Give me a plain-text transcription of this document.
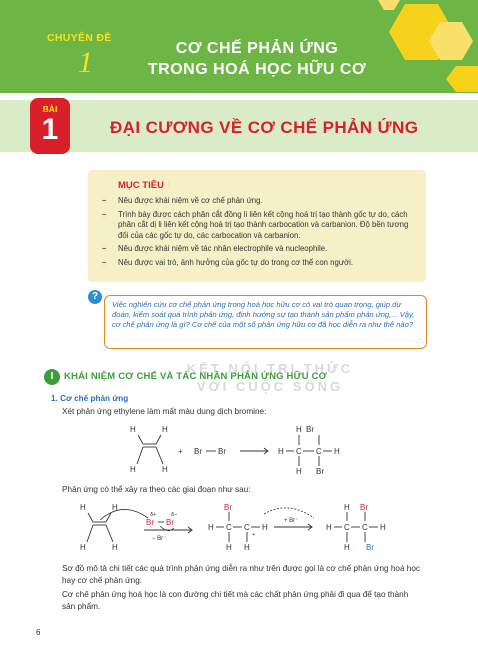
CHUYÊN ĐỀ
1	CƠ CHẾ PHẢN ỨNG
TRONG HOÁ HỌC HỮU CƠ
BÀI
1	ĐẠI CƯƠNG VỀ CƠ CHẾ PHẢN ỨNG
MỤC TIÊU
– Nêu được khái niệm về cơ chế phản ứng.
– Trình bày được cách phân cắt đồng li liên kết cộng hoá trị tạo thành gốc tự do, cách phân cắt dị li liên kết cộng hoá trị tạo thành carbocation và carbanion. Độ bền tương đối của các gốc tự do, các carbocation và carbanion.
– Nêu được khái niệm về tác nhân electrophile và nucleophile.
– Nêu được vai trò, ảnh hưởng của gốc tự do trong cơ thể con người.
?
Việc nghiên cứu cơ chế phản ứng trong hoá học hữu cơ có vai trò quan trọng, giúp dự đoán, kiểm soát quá trình phản ứng, định hướng sự tạo thành sản phẩm phản ứng,... Vậy, cơ chế phản ứng là gì? Cơ chế của một số phản ứng hữu cơ đã học diễn ra như thế nào?
KẾT NỐI TRI THỨC
VỚI CUỘC SỐNG
I	KHÁI NIỆM CƠ CHẾ VÀ TÁC NHÂN PHẢN ỨNG HỮU CƠ
1. Cơ chế phản ứng
Xét phản ứng ethylene làm mất màu dung dịch bromine:
H	H
H	H
+ Br Br
Br
H C C H
H Br
H
Phản ứng có thể xảy ra theo các giai đoạn như sau:
H	H
H	H
H C C H
H H
H C C H
H
H
Br Br
Br	Br
Br
δ+	δ−
+
− Br⁻
+ Br⁻
Sơ đồ mô tả chi tiết các quá trình phản ứng diễn ra như trên được gọi là cơ chế phản ứng hoá học hay cơ chế phản ứng.
Cơ chế phản ứng hoá học là con đường chi tiết mà các chất phản ứng phải đi qua để tạo thành sản phẩm.
6
